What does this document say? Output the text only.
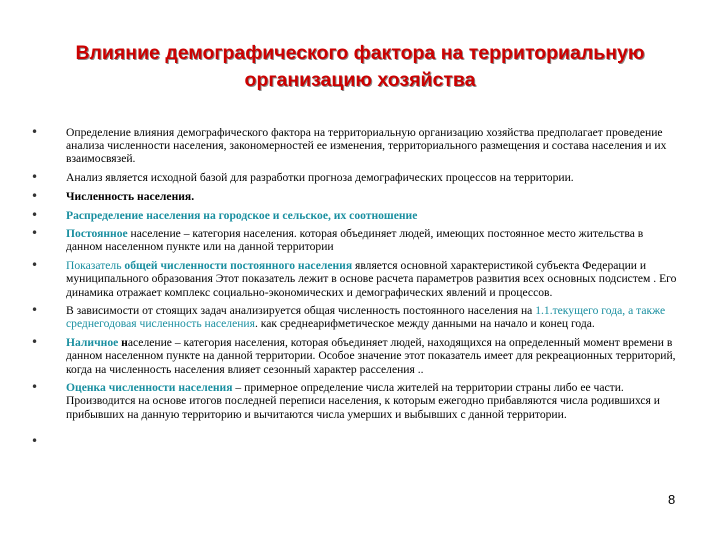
Влияние демографического фактора на территориальную организацию хозяйства
• Определение влияния демографического фактора на территориальную организацию хозяйства предполагает проведение анализа численности населения, закономерностей ее изменения, территориального размещения и состава населения и их взаимосвязей.
• Анализ является исходной базой для разработки прогноза демографических процессов на территории.
• Численность населения.
• Распределение населения на городское и сельское, их соотношение
• Постоянное население – категория населения. которая объединяет людей, имеющих постоянное место жительства в данном населенном пункте или на данной территории
• Показатель общей численности постоянного населения является основной характеристикой субъекта Федерации и муниципального образования Этот показатель лежит в основе расчета параметров развития всех основных подсистем . Его динамика отражает комплекс социально-экономических и демографических явлений и процессов.
• В зависимости от стоящих задач анализируется общая численность постоянного населения на 1.1.текущего года, а также среднегодовая численность населения. как среднеарифметическое между данными на начало и конец года.
• Наличное население – категория населения, которая объединяет людей, находящихся на определенный момент времени в данном населенном пункте на данной территории. Особое значение этот показатель имеет для рекреационных территорий, когда на численность населения влияет сезонный характер расселения ..
• Оценка численности населения – примерное определение числа жителей на территории страны либо ее части. Производится на основе итогов последней переписи населения, к которым ежегодно прибавляются числа родившихся и прибывших на данную территорию и вычитаются числа умерших и выбывших с данной территории.
•
8
